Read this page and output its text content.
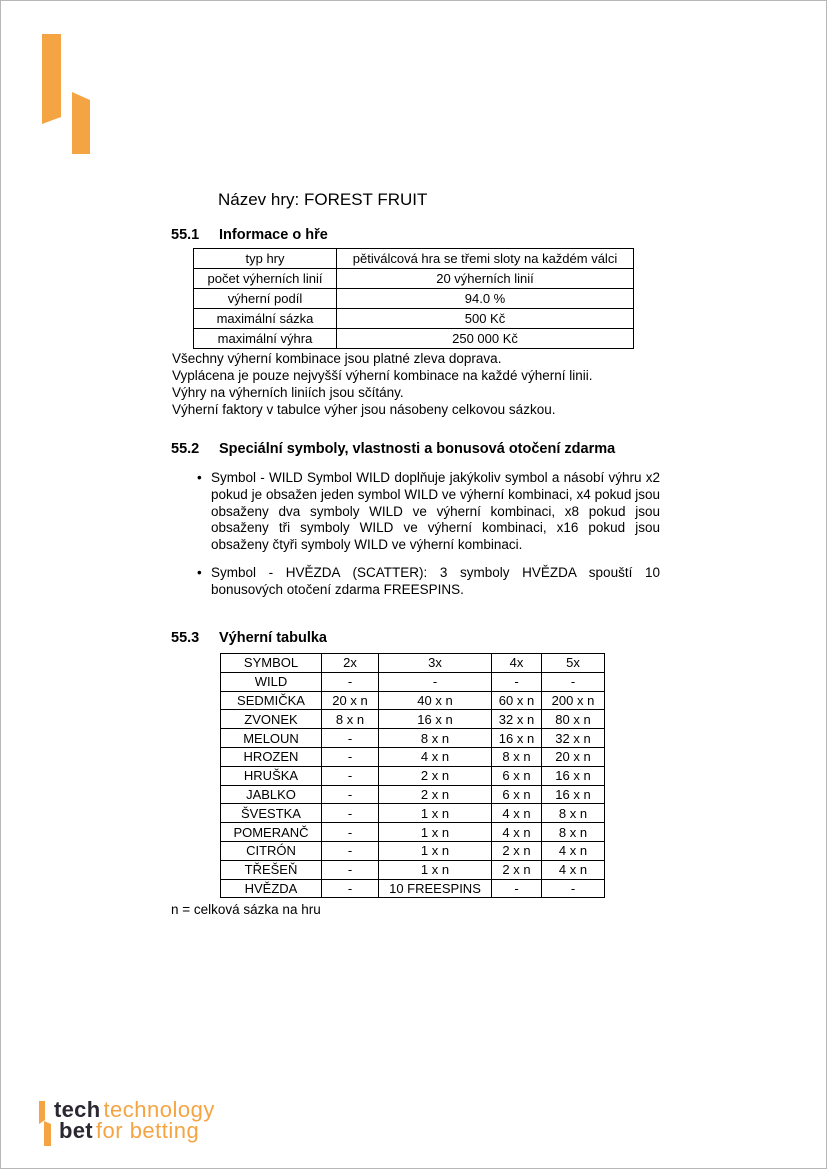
Název hry: FOREST FRUIT
55.1	Informace o hře
typ hry	pětiválcová hra se třemi sloty na každém válci
počet výherních linií	20 výherních linií
výherní podíl	94.0 %
maximální sázka	500 Kč
maximální výhra	250 000 Kč
Všechny výherní kombinace jsou platné zleva doprava.
Vyplácena je pouze nejvyšší výherní kombinace na každé výherní linii.
Výhry na výherních liniích jsou sčítány.
Výherní faktory v tabulce výher jsou násobeny celkovou sázkou.
55.2	Speciální symboly, vlastnosti a bonusová otočení zdarma
• Symbol - WILD Symbol WILD doplňuje jakýkoliv symbol a násobí výhru x2 pokud je obsažen jeden symbol WILD ve výherní kombinaci, x4 pokud jsou obsaženy dva symboly WILD ve výherní kombinaci, x8 pokud jsou obsaženy tři symboly WILD ve výherní kombinaci, x16 pokud jsou obsaženy čtyři symboly WILD ve výherní kombinaci.
• Symbol - HVĚZDA (SCATTER): 3 symboly HVĚZDA spouští 10 bonusových otočení zdarma FREESPINS.
55.3	Výherní tabulka
SYMBOL	2x	3x	4x	5x
WILD	-	-	-	-
SEDMIČKA	20 x n	40 x n	60 x n	200 x n
ZVONEK	8 x n	16 x n	32 x n	80 x n
MELOUN	-	8 x n	16 x n	32 x n
HROZEN	-	4 x n	8 x n	20 x n
HRUŠKA	-	2 x n	6 x n	16 x n
JABLKO	-	2 x n	6 x n	16 x n
ŠVESTKA	-	1 x n	4 x n	8 x n
POMERANČ	-	1 x n	4 x n	8 x n
CITRÓN	-	1 x n	2 x n	4 x n
TŘEŠEŇ	-	1 x n	2 x n	4 x n
HVĚZDA	-	10 FREESPINS	-	-
n = celková sázka na hru
tech technology
bet for betting
